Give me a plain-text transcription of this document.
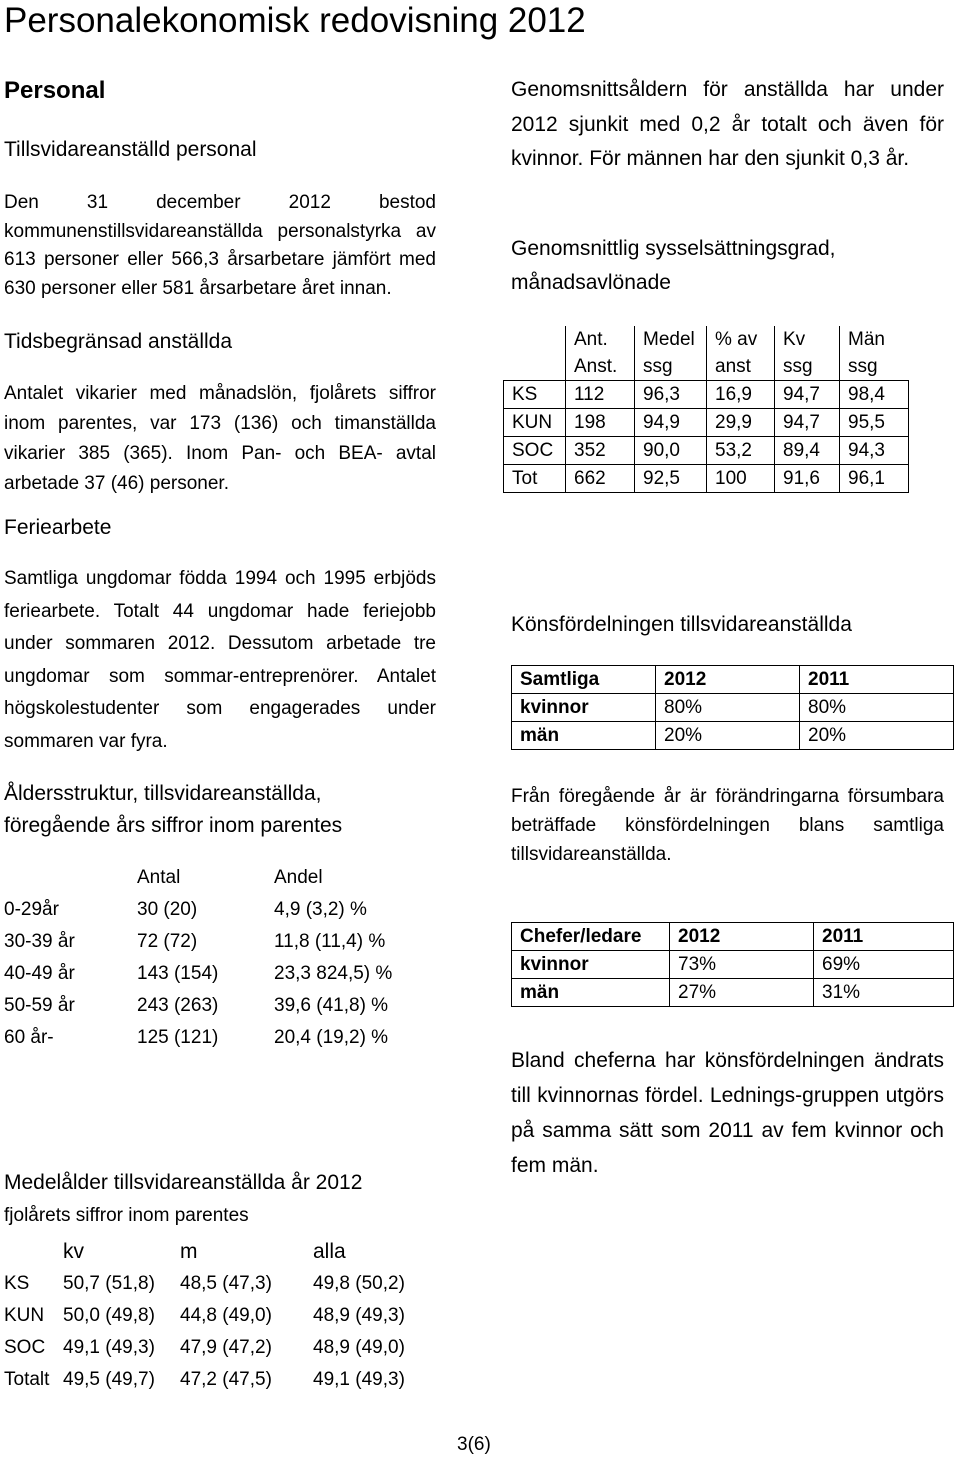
Personalekonomisk redovisning 2012
Personal
Tillsvidareanställd personal
Den 31 december 2012 bestod kommunenstillsvidareanställda personalstyrka av 613 personer eller 566,3 årsarbetare jämfört med 630 personer eller 581 årsarbetare året innan.
Tidsbegränsad anställda
Antalet vikarier med månadslön, fjolårets siffror inom parentes, var 173 (136) och timanställda vikarier 385 (365). Inom Pan- och BEA- avtal arbetade 37 (46) personer.
Feriearbete
Samtliga ungdomar födda 1994 och 1995 erbjöds feriearbete. Totalt 44 ungdomar hade feriejobb under sommaren 2012. Dessutom arbetade tre ungdomar som sommar-entreprenörer. Antalet högskolestudenter som engagerades under sommaren var fyra.
Åldersstruktur, tillsvidareanställda,
föregående års siffror inom parentes
	Antal	Andel
0-29år	30 (20)	4,9 (3,2) %
30-39 år	72 (72)	11,8 (11,4) %
40-49 år	143 (154)	23,3 824,5) %
50-59 år	243 (263)	39,6 (41,8) %
60 år-	125 (121)	20,4 (19,2) %
Medelålder tillsvidareanställda år 2012
fjolårets siffror inom parentes
	kv	m	alla
KS	50,7 (51,8)	48,5 (47,3)	49,8 (50,2)
KUN	50,0 (49,8)	44,8 (49,0)	48,9 (49,3)
SOC	49,1 (49,3)	47,9 (47,2)	48,9 (49,0)
Totalt	49,5 (49,7)	47,2 (47,5)	49,1 (49,3)
Genomsnittsåldern för anställda har under 2012 sjunkit med 0,2 år totalt och även för kvinnor. För männen har den sjunkit 0,3 år.
Genomsnittlig sysselsättningsgrad,
månadsavlönade
	Ant.	Medel	% av	Kv	Män
	Anst.	ssg	anst	ssg	ssg
KS	112	96,3	16,9	94,7	98,4
KUN	198	94,9	29,9	94,7	95,5
SOC	352	90,0	53,2	89,4	94,3
Tot	662	92,5	100	91,6	96,1
Könsfördelningen tillsvidareanställda
Samtliga	2012	2011
kvinnor	80%	80%
män	20%	20%
Från föregående år är förändringarna försumbara beträffade könsfördelningen blans samtliga tillsvidareanställda.
Chefer/ledare	2012	2011
kvinnor	73%	69%
män	27%	31%
Bland cheferna har könsfördelningen ändrats till kvinnornas fördel. Lednings-gruppen utgörs på samma sätt som 2011 av fem kvinnor och fem män.
3(6)
